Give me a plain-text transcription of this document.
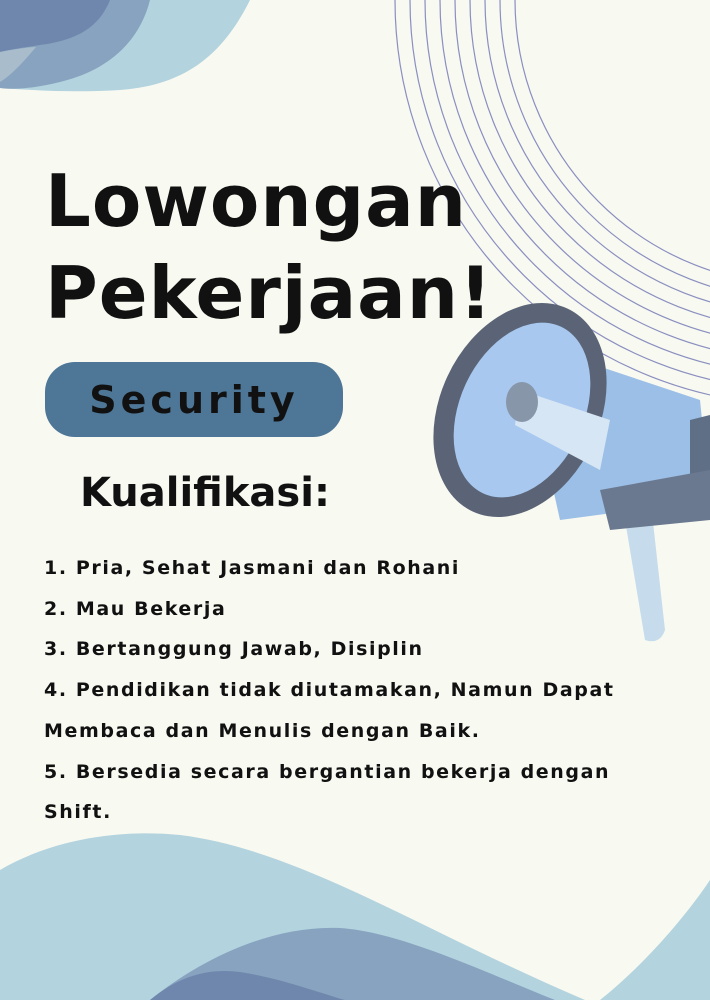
Lowongan
Pekerjaan!
Security
Kualifikasi:
1. Pria, Sehat Jasmani dan Rohani
2. Mau Bekerja
3. Bertanggung Jawab, Disiplin
4. Pendidikan tidak diutamakan, Namun Dapat Membaca dan Menulis dengan Baik.
5. Bersedia secara bergantian bekerja dengan Shift.
